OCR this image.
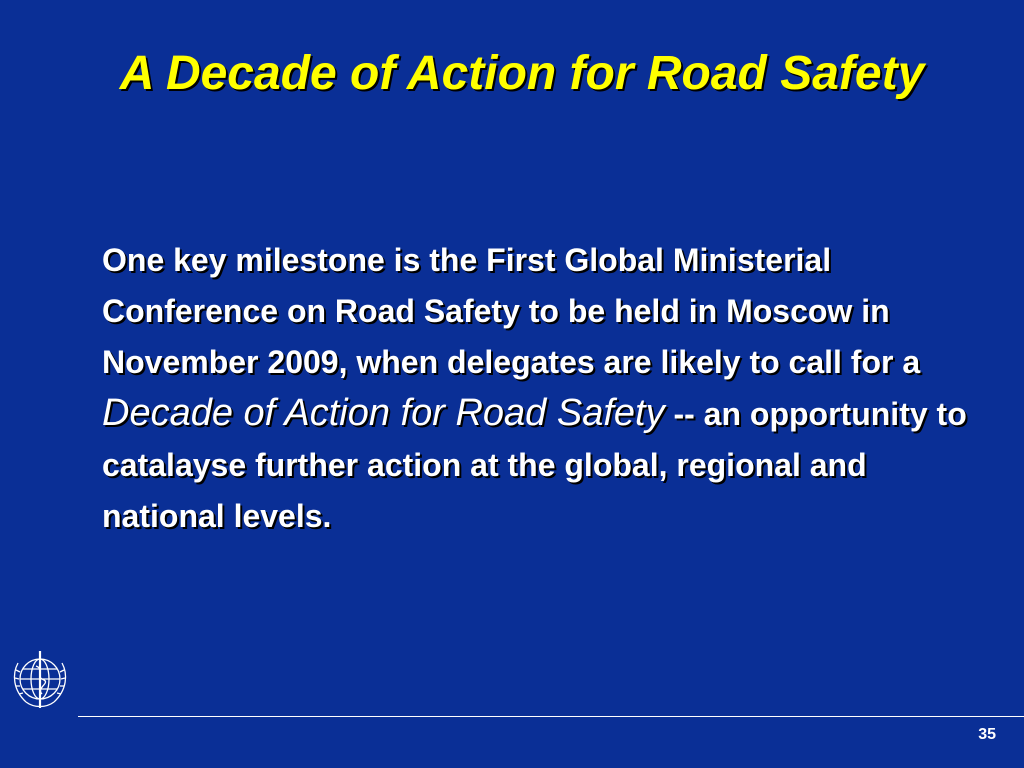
A Decade of Action for Road Safety

One key milestone is the First Global Ministerial Conference on Road Safety to be held in Moscow in November 2009, when delegates are likely to call for a Decade of Action for Road Safety -- an opportunity to catalayse further action at the global, regional and national levels.

35
